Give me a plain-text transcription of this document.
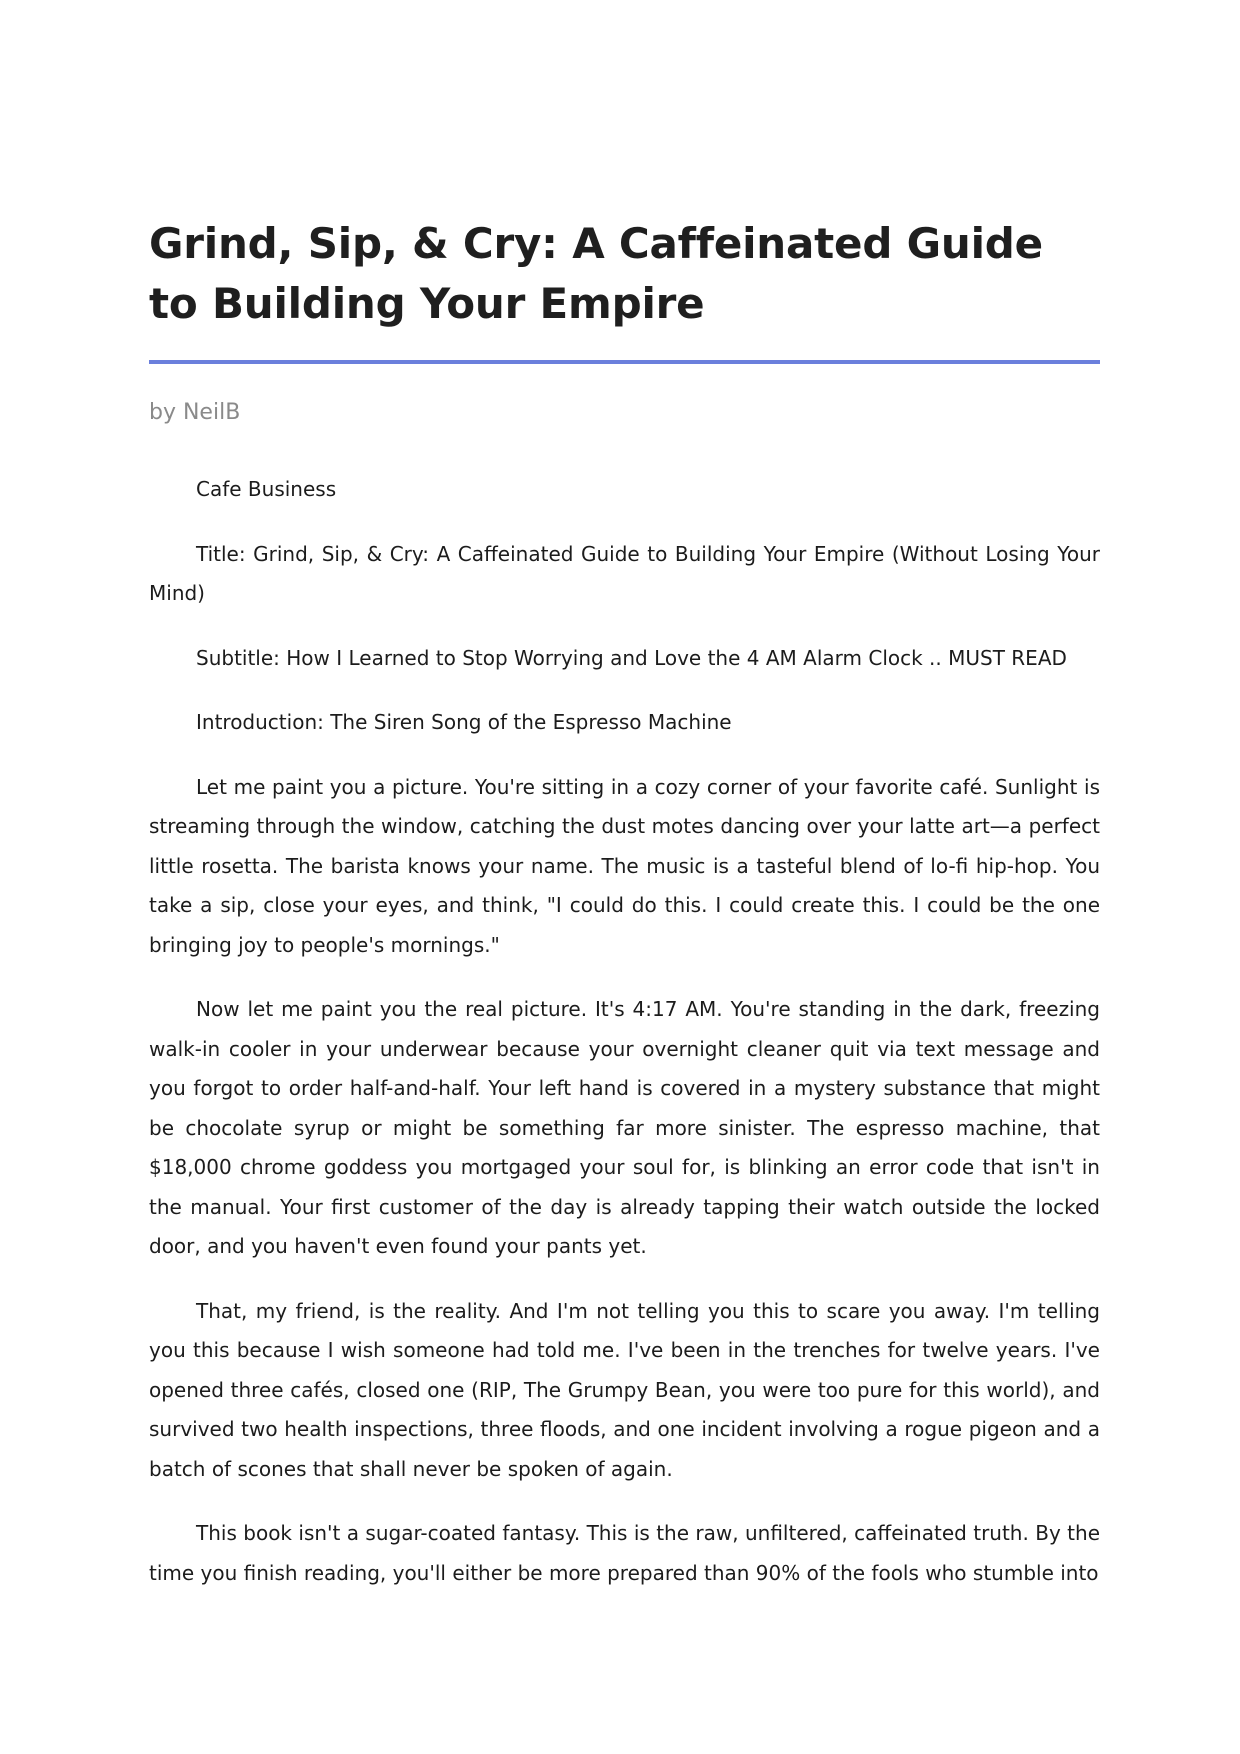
Grind, Sip, & Cry: A Caffeinated Guide to Building Your Empire
by NeilB

Cafe Business

Title: Grind, Sip, & Cry: A Caffeinated Guide to Building Your Empire (Without Losing Your Mind)

Subtitle: How I Learned to Stop Worrying and Love the 4 AM Alarm Clock .. MUST READ

Introduction: The Siren Song of the Espresso Machine

Let me paint you a picture. You're sitting in a cozy corner of your favorite café. Sunlight is streaming through the window, catching the dust motes dancing over your latte art—a perfect little rosetta. The barista knows your name. The music is a tasteful blend of lo-fi hip-hop. You take a sip, close your eyes, and think, "I could do this. I could create this. I could be the one bringing joy to people's mornings."

Now let me paint you the real picture. It's 4:17 AM. You're standing in the dark, freezing walk-in cooler in your underwear because your overnight cleaner quit via text message and you forgot to order half-and-half. Your left hand is covered in a mystery substance that might be chocolate syrup or might be something far more sinister. The espresso machine, that $18,000 chrome goddess you mortgaged your soul for, is blinking an error code that isn't in the manual. Your first customer of the day is already tapping their watch outside the locked door, and you haven't even found your pants yet.

That, my friend, is the reality. And I'm not telling you this to scare you away. I'm telling you this because I wish someone had told me. I've been in the trenches for twelve years. I've opened three cafés, closed one (RIP, The Grumpy Bean, you were too pure for this world), and survived two health inspections, three floods, and one incident involving a rogue pigeon and a batch of scones that shall never be spoken of again.

This book isn't a sugar-coated fantasy. This is the raw, unfiltered, caffeinated truth. By the time you finish reading, you'll either be more prepared than 90% of the fools who stumble into
